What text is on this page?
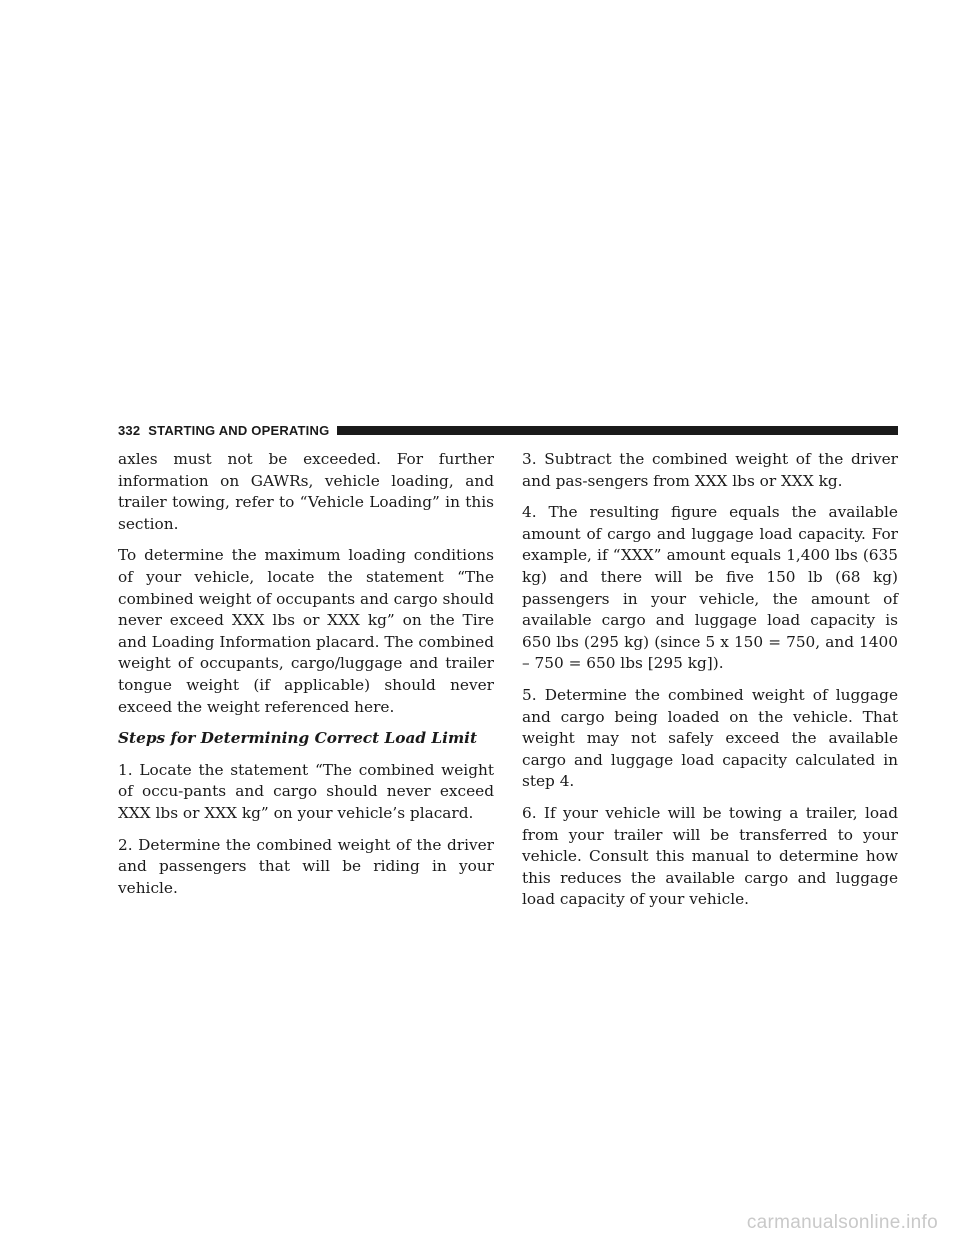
332 STARTING AND OPERATING

axles must not be exceeded. For further information on GAWRs, vehicle loading, and trailer towing, refer to “Vehicle Loading” in this section.

To determine the maximum loading conditions of your vehicle, locate the statement “The combined weight of occupants and cargo should never exceed XXX lbs or XXX kg” on the Tire and Loading Information placard. The combined weight of occupants, cargo/luggage and trailer tongue weight (if applicable) should never exceed the weight referenced here.

Steps for Determining Correct Load Limit

1. Locate the statement “The combined weight of occu-pants and cargo should never exceed XXX lbs or XXX kg” on your vehicle’s placard.

2. Determine the combined weight of the driver and passengers that will be riding in your vehicle.

3. Subtract the combined weight of the driver and pas-sengers from XXX lbs or XXX kg.

4. The resulting figure equals the available amount of cargo and luggage load capacity. For example, if “XXX” amount equals 1,400 lbs (635 kg) and there will be five 150 lb (68 kg) passengers in your vehicle, the amount of available cargo and luggage load capacity is 650 lbs (295 kg) (since 5 x 150 = 750, and 1400 – 750 = 650 lbs [295 kg]).

5. Determine the combined weight of luggage and cargo being loaded on the vehicle. That weight may not safely exceed the available cargo and luggage load capacity calculated in step 4.

6. If your vehicle will be towing a trailer, load from your trailer will be transferred to your vehicle. Consult this manual to determine how this reduces the available cargo and luggage load capacity of your vehicle.

carmanualsonline.info
